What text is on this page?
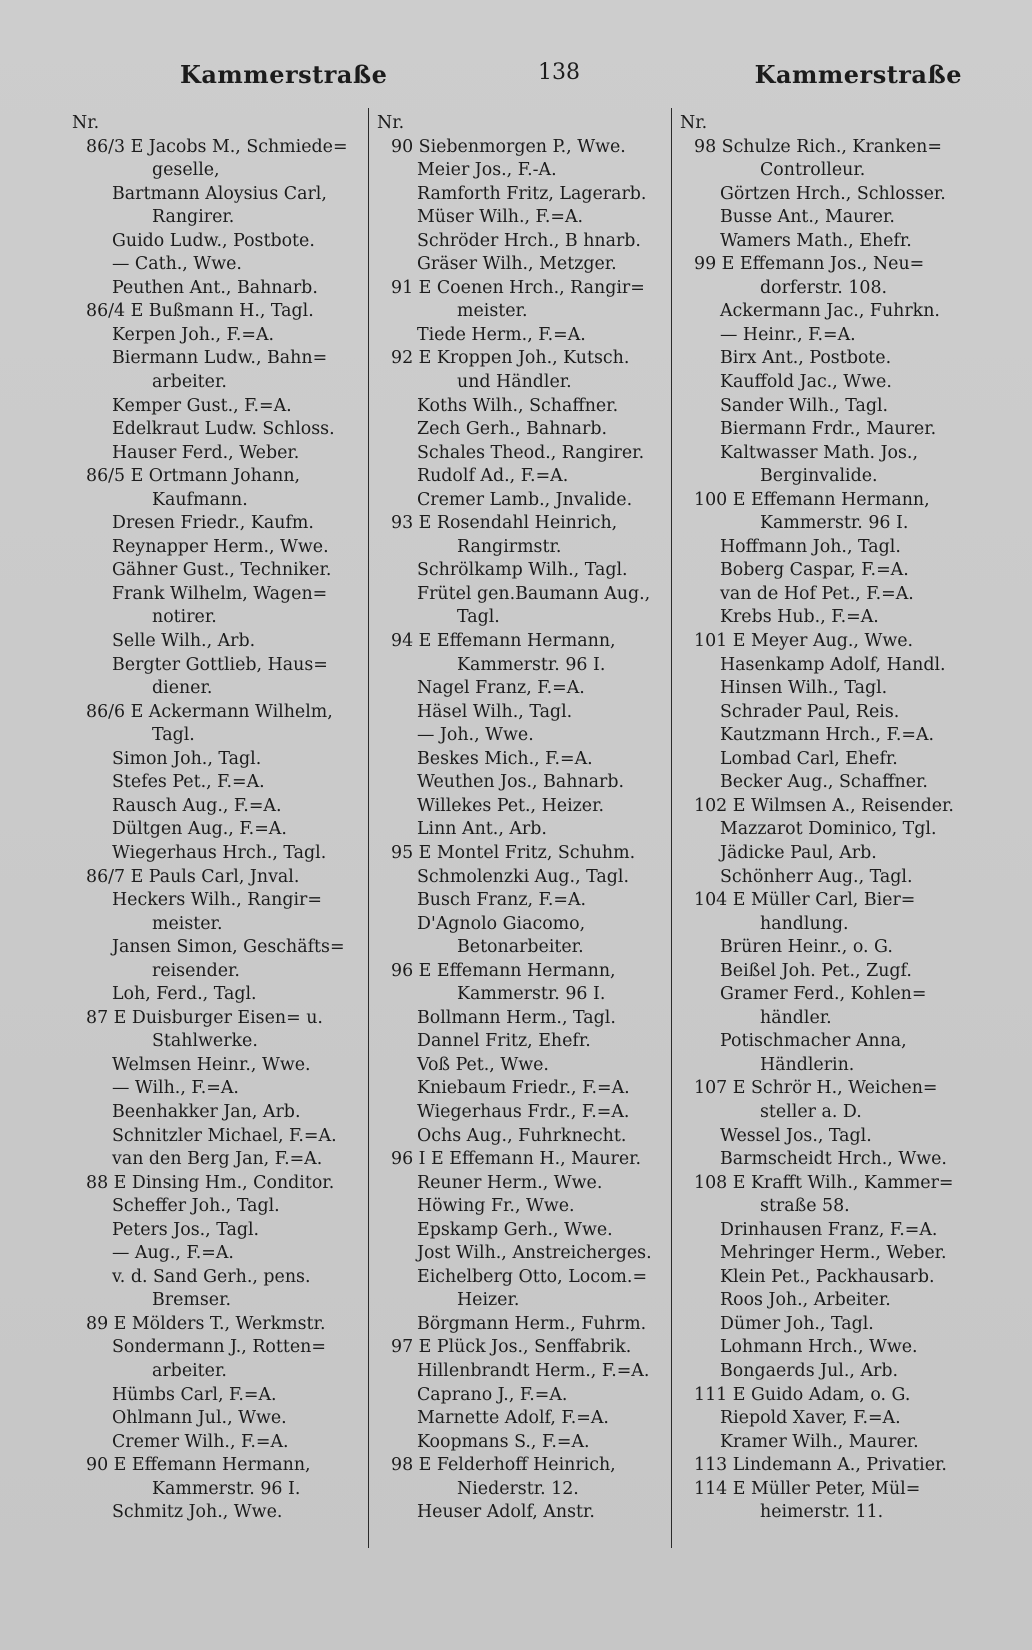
Kammerstraße	138	Kammerstraße
Nr.
86/3 E Jacobs M., Schmiede=
gesellе,
Bartmann Aloysius Carl,
Rangirer.
Guido Ludw., Postbote.
— Cath., Wwe.
Peuthen Ant., Bahnarb.
86/4 E Bußmann H., Tagl.
Kerpen Joh., F.=A.
Biermann Ludw., Bahn=
arbeiter.
Kemper Gust., F.=A.
Edelkraut Ludw. Schloss.
Hauser Ferd., Weber.
86/5 E Ortmann Johann,
Kaufmann.
Dresen Friedr., Kaufm.
Reynapper Herm., Wwe.
Gähner Gust., Techniker.
Frank Wilhelm, Wagen=
notirer.
Selle Wilh., Arb.
Bergter Gottlieb, Haus=
diener.
86/6 E Ackermann Wilhelm,
Tagl.
Simon Joh., Tagl.
Stefes Pet., F.=A.
Rausch Aug., F.=A.
Dültgen Aug., F.=A.
Wiegerhaus Hrch., Tagl.
86/7 E Pauls Carl, Jnval.
Heckers Wilh., Rangir=
meister.
Jansen Simon, Geschäfts=
reisender.
Loh, Ferd., Tagl.
87 E Duisburger Eisen= u.
Stahlwerke.
Welmsen Heinr., Wwe.
— Wilh., F.=A.
Beenhakker Jan, Arb.
Schnitzler Michael, F.=A.
van den Berg Jan, F.=A.
88 E Dinsing Hm., Conditor.
Scheffer Joh., Tagl.
Peters Jos., Tagl.
— Aug., F.=A.
v. d. Sand Gerh., pens.
Bremser.
89 E Mölders T., Werkmstr.
Sondermann J., Rotten=
arbeiter.
Hümbs Carl, F.=A.
Ohlmann Jul., Wwe.
Cremer Wilh., F.=A.
90 E Effemann Hermann,
Kammerstr. 96 I.
Schmitz Joh., Wwe.
Nr.
90 Siebenmorgen P., Wwe.
Meier Jos., F.-A.
Ramforth Fritz, Lagerarb.
Müser Wilh., F.=A.
Schröder Hrch., B hnarb.
Gräser Wilh., Metzger.
91 E Coenen Hrch., Rangir=
meister.
Tiede Herm., F.=A.
92 E Kroppen Joh., Kutsch.
und Händler.
Koths Wilh., Schaffner.
Zech Gerh., Bahnarb.
Schales Theod., Rangirer.
Rudolf Ad., F.=A.
Cremer Lamb., Jnvalide.
93 E Rosendahl Heinrich,
Rangirmstr.
Schrölkamp Wilh., Tagl.
Frütel gen.Baumann Aug.,
Tagl.
94 E Effemann Hermann,
Kammerstr. 96 I.
Nagel Franz, F.=A.
Häsel Wilh., Tagl.
— Joh., Wwe.
Beskes Mich., F.=A.
Weuthen Jos., Bahnarb.
Willekes Pet., Heizer.
Linn Ant., Arb.
95 E Montel Fritz, Schuhm.
Schmolenzki Aug., Tagl.
Busch Franz, F.=A.
D'Agnolo Giacomo,
Betonarbeiter.
96 E Effemann Hermann,
Kammerstr. 96 I.
Bollmann Herm., Tagl.
Dannel Fritz, Ehefr.
Voß Pet., Wwe.
Kniebaum Friedr., F.=A.
Wiegerhaus Frdr., F.=A.
Ochs Aug., Fuhrknecht.
96 I E Effemann H., Maurer.
Reuner Herm., Wwe.
Höwing Fr., Wwe.
Epskamp Gerh., Wwe.
Jost Wilh., Anstreicherges.
Eichelberg Otto, Locom.=
Heizer.
Börgmann Herm., Fuhrm.
97 E Plück Jos., Senffabrik.
Hillenbrandt Herm., F.=A.
Caprano J., F.=A.
Marnette Adolf, F.=A.
Koopmans S., F.=A.
98 E Felderhoff Heinrich,
Niederstr. 12.
Heuser Adolf, Anstr.
Nr.
98 Schulze Rich., Kranken=
Controlleur.
Görtzen Hrch., Schlosser.
Busse Ant., Maurer.
Wamers Math., Ehefr.
99 E Effemann Jos., Neu=
dorferstr. 108.
Ackermann Jac., Fuhrkn.
— Heinr., F.=A.
Birx Ant., Postbote.
Kauffold Jac., Wwe.
Sander Wilh., Tagl.
Biermann Frdr., Maurer.
Kaltwasser Math. Jos.,
Berginvalide.
100 E Effemann Hermann,
Kammerstr. 96 I.
Hoffmann Joh., Tagl.
Boberg Caspar, F.=A.
van de Hof Pet., F.=A.
Krebs Hub., F.=A.
101 E Meyer Aug., Wwe.
Hasenkamp Adolf, Handl.
Hinsen Wilh., Tagl.
Schrader Paul, Reis.
Kautzmann Hrch., F.=A.
Lombad Carl, Ehefr.
Becker Aug., Schaffner.
102 E Wilmsen A., Reisender.
Mazzarot Dominico, Tgl.
Jädicke Paul, Arb.
Schönherr Aug., Tagl.
104 E Müller Carl, Bier=
handlung.
Brüren Heinr., o. G.
Beißel Joh. Pet., Zugf.
Gramer Ferd., Kohlen=
händler.
Potischmacher Anna,
Händlerin.
107 E Schrör H., Weichen=
steller a. D.
Wessel Jos., Tagl.
Barmscheidt Hrch., Wwe.
108 E Krafft Wilh., Kammer=
straße 58.
Drinhausen Franz, F.=A.
Mehringer Herm., Weber.
Klein Pet., Packhausarb.
Roos Joh., Arbeiter.
Dümer Joh., Tagl.
Lohmann Hrch., Wwe.
Bongaerds Jul., Arb.
111 E Guido Adam, o. G.
Riepold Xaver, F.=A.
Kramer Wilh., Maurer.
113 Lindemann A., Privatier.
114 E Müller Peter, Mül=
heimerstr. 11.
